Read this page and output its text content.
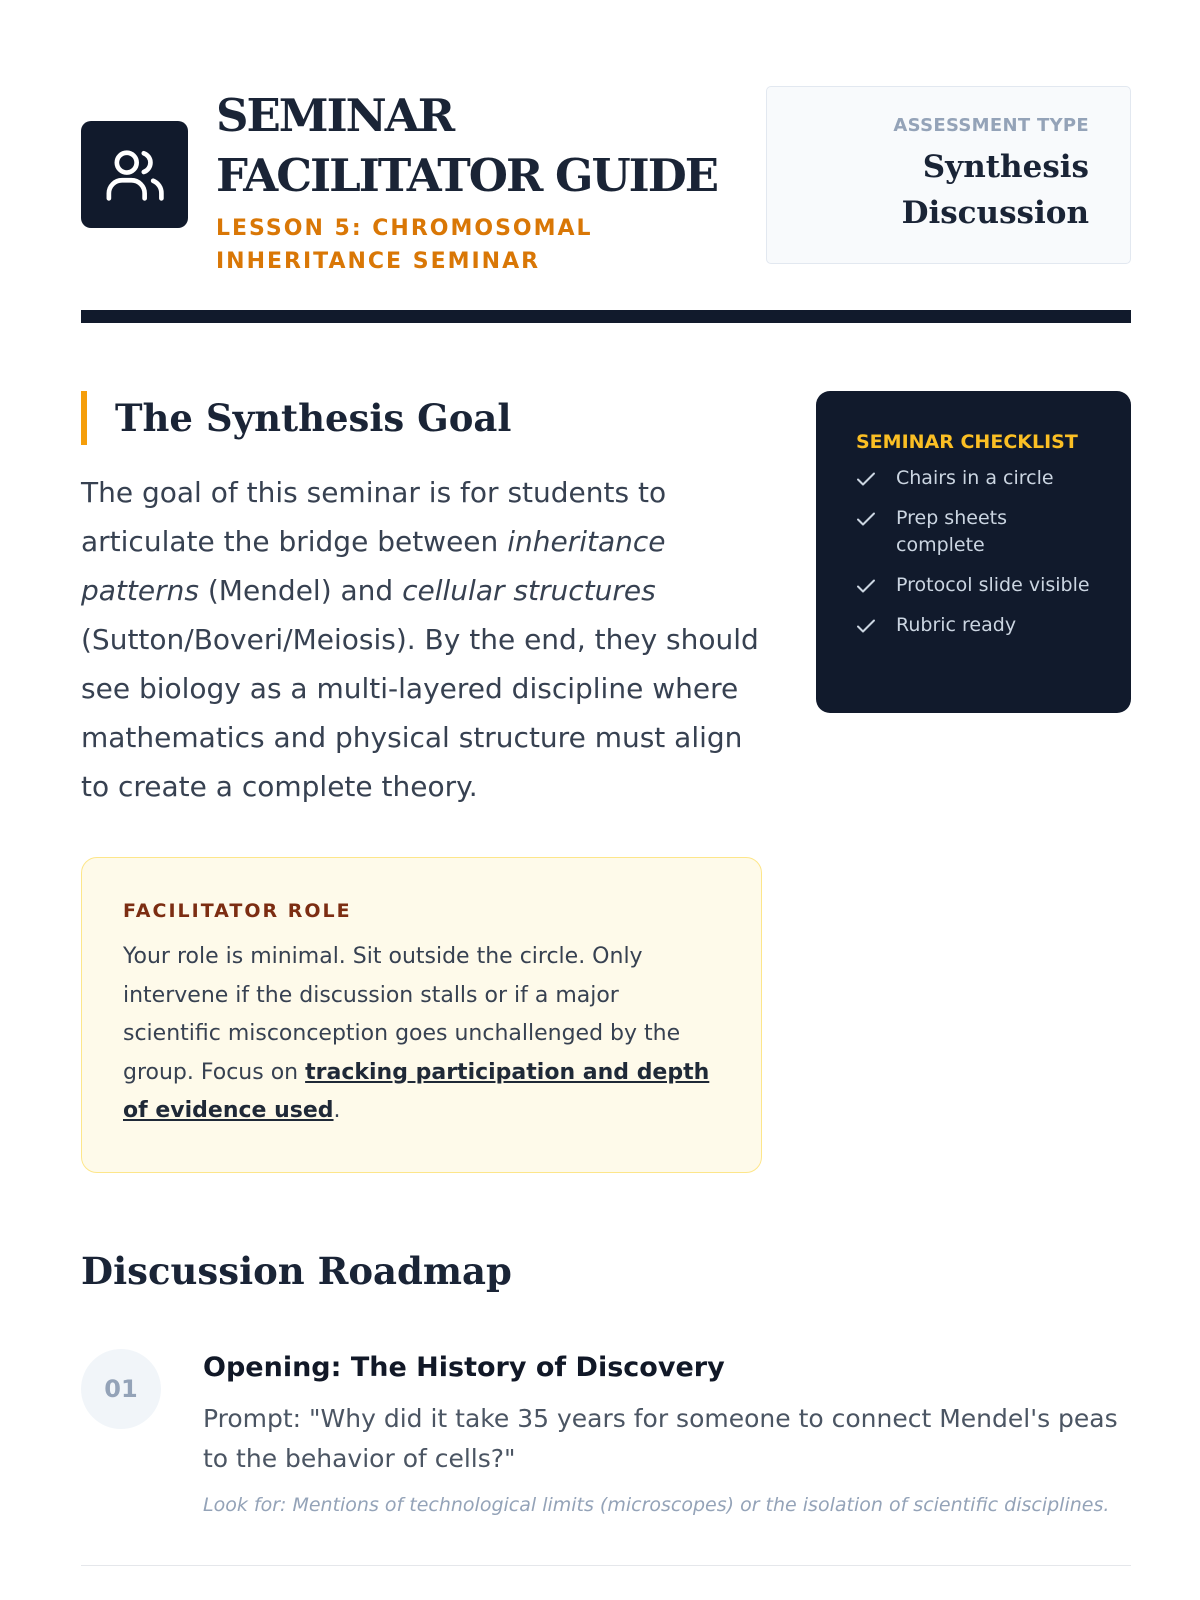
SEMINAR FACILITATOR GUIDE
LESSON 5: CHROMOSOMAL INHERITANCE SEMINAR
ASSESSMENT TYPE
Synthesis Discussion
The Synthesis Goal

The goal of this seminar is for students to articulate the bridge between inheritance patterns (Mendel) and cellular structures (Sutton/Boveri/Meiosis). By the end, they should see biology as a multi-layered discipline where mathematics and physical structure must align to create a complete theory.

SEMINAR CHECKLIST
Chairs in a circle
Prep sheets complete
Protocol slide visible
Rubric ready
FACILITATOR ROLE

Your role is minimal. Sit outside the circle. Only intervene if the discussion stalls or if a major scientific misconception goes unchallenged by the group. Focus on tracking participation and depth of evidence used.

Discussion Roadmap
01
Opening: The History of Discovery
Prompt: "Why did it take 35 years for someone to connect Mendel's peas to the behavior of cells?"
Look for: Mentions of technological limits (microscopes) or the isolation of scientific disciplines.
